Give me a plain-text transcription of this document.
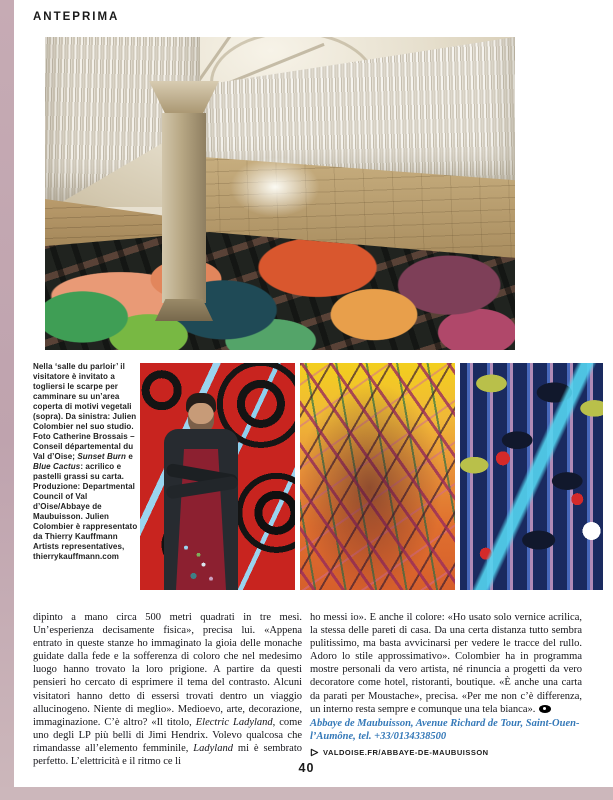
ANTEPRIMA
Nella ‘salle du parloir’ il visitatore è invitato a togliersi le scarpe per camminare su un’area coperta di motivi vegetali (sopra). Da sinistra: Julien Colombier nel suo studio. Foto Catherine Brossais – Conseil départemental du Val d’Oise; Sunset Burn e Blue Cactus: acrilico e pastelli grassi su carta. Produzione: Departmental Council of Val d’Oise/Abbaye de Maubuisson. Julien Colombier è rappresentato da Thierry Kauffmann Artists representatives, thierrykauffmann.com

dipinto a mano circa 500 metri quadrati in tre mesi. Un’esperienza decisamente fisica», precisa lui. «Appena entrato in queste stanze ho immaginato la gioia delle monache guidate dalla fede e la sofferenza di coloro che nel medesimo luogo hanno trovato la loro prigione. A partire da questi pensieri ho cercato di esprimere il tema del contrasto. Alcuni visitatori hanno detto di essersi trovati dentro un viaggio allucinogeno. Niente di meglio». Medioevo, arte, decorazione, immaginazione. C’è altro? «Il titolo, Electric Ladyland, come uno degli LP più belli di Jimi Hendrix. Volevo qualcosa che rimandasse all’elemento femminile, Ladyland mi è sembrato perfetto. L’elettricità e il ritmo ce li

ho messi io». E anche il colore: «Ho usato solo vernice acrilica, la stessa delle pareti di casa. Da una certa distanza tutto sembra pulitissimo, ma basta avvicinarsi per vedere le tracce del rullo. Adoro lo stile approssimativo». Colombier ha in programma mostre personali da vero artista, né rinuncia a progetti da vero decoratore come hotel, ristoranti, boutique. «È anche una carta da parati per Moustache», precisa. «Per me non c’è differenza, un interno resta sempre e comunque una tela bianca».

Abbaye de Maubuisson, Avenue Richard de Tour, Saint-Ouen-l’Aumône, tel. +33/0134338500
VALDOISE.FR/ABBAYE-DE-MAUBUISSON
40
